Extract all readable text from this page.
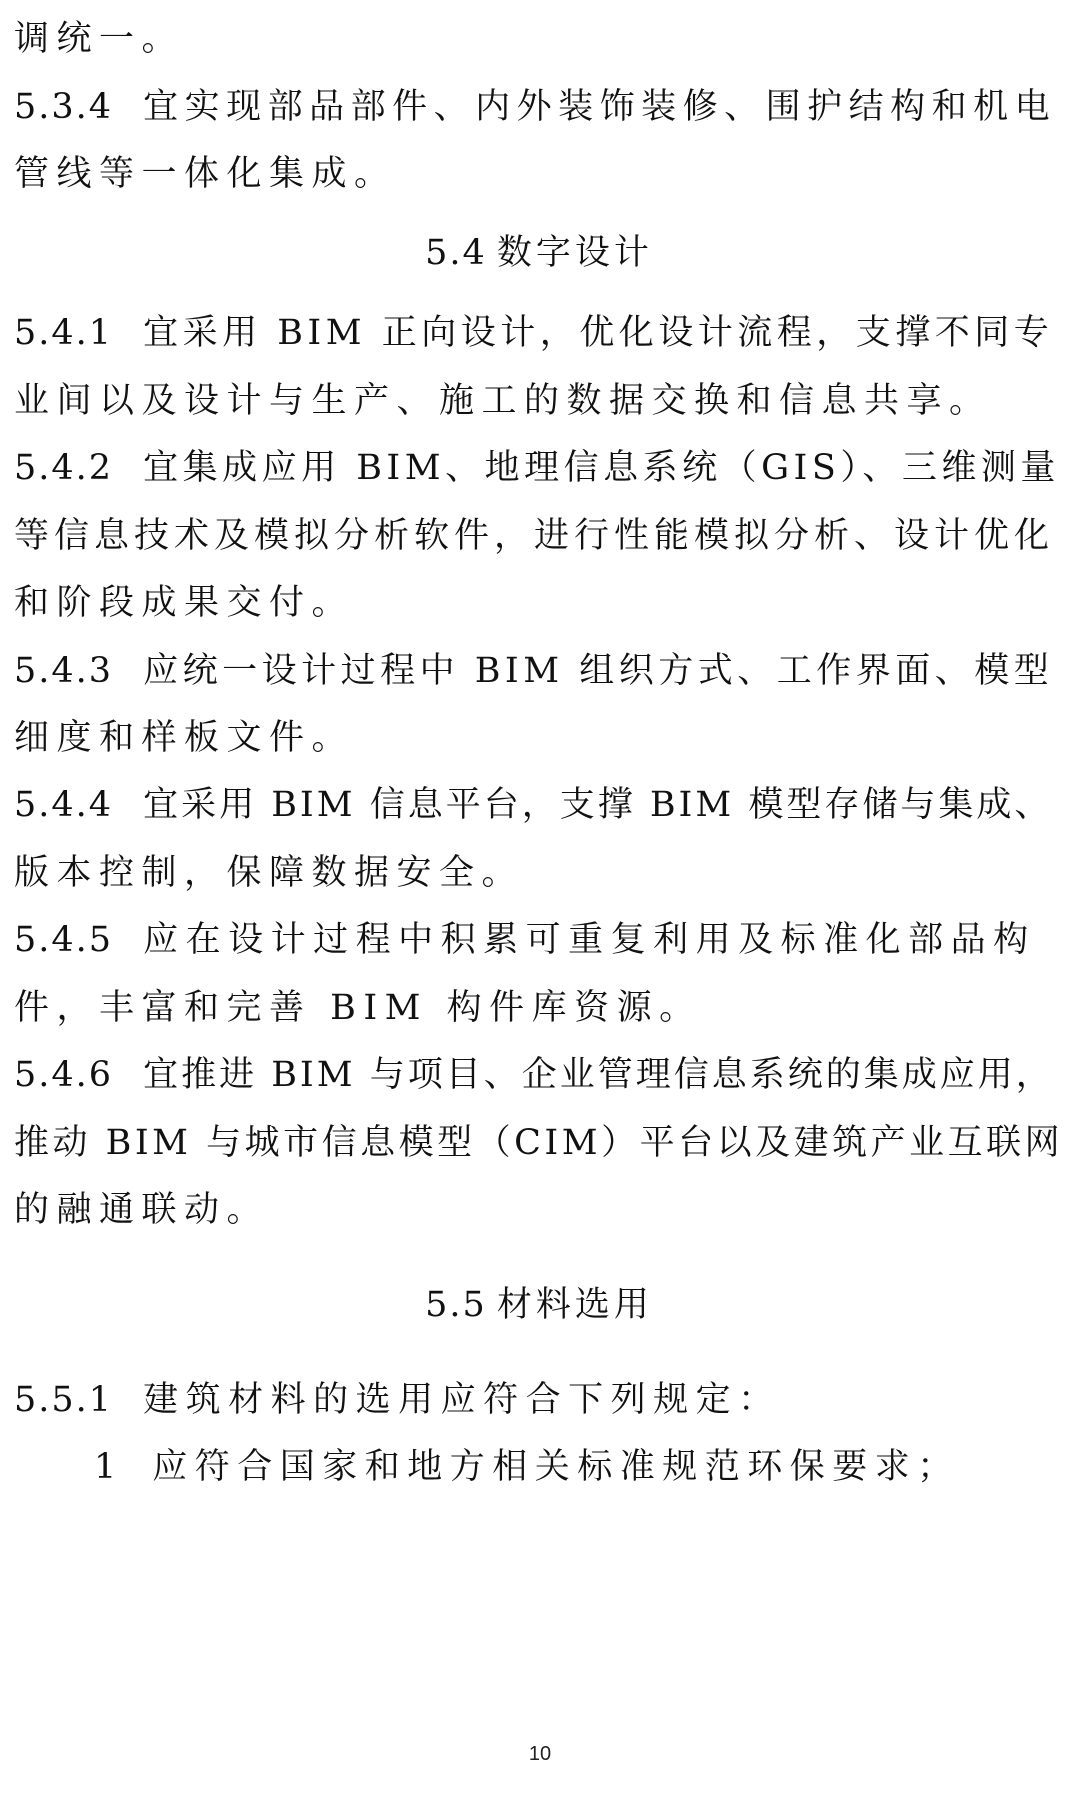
调统一。
5.3.4 宜实现部品部件、内外装饰装修、围护结构和机电
管线等一体化集成。
5.4 数字设计
5.4.1 宜采用 BIM 正向设计，优化设计流程，支撑不同专
业间以及设计与生产、施工的数据交换和信息共享。
5.4.2 宜集成应用 BIM、地理信息系统（GIS）、三维测量
等信息技术及模拟分析软件，进行性能模拟分析、设计优化
和阶段成果交付。
5.4.3 应统一设计过程中 BIM 组织方式、工作界面、模型
细度和样板文件。
5.4.4 宜采用 BIM 信息平台，支撑 BIM 模型存储与集成、
版本控制，保障数据安全。
5.4.5 应在设计过程中积累可重复利用及标准化部品构
件，丰富和完善 BIM 构件库资源。
5.4.6 宜推进 BIM 与项目、企业管理信息系统的集成应用，
推动 BIM 与城市信息模型（CIM）平台以及建筑产业互联网
的融通联动。
5.5 材料选用
5.5.1 建筑材料的选用应符合下列规定：
1 应符合国家和地方相关标准规范环保要求；
10
